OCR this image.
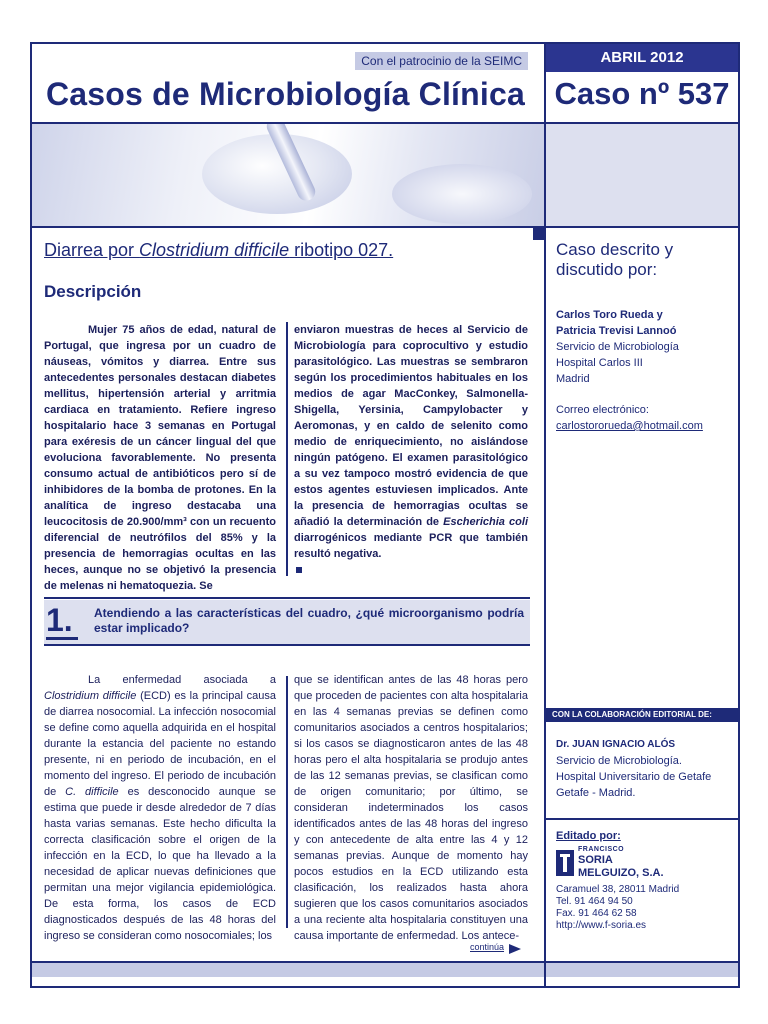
Con el patrocinio de la SEIMC
Casos de Microbiología Clínica
ABRIL 2012
Caso nº 537
Caso descrito y discutido por:
Carlos Toro Rueda y
Patricia Trevisi Lannoó
Servicio de Microbiología
Hospital Carlos III
Madrid
Correo electrónico:
carlostororueda@hotmail.com
CON LA COLABORACIÓN EDITORIAL DE:
Dr. JUAN IGNACIO ALÓS
Servicio de Microbiología.
Hospital Universitario de Getafe
Getafe - Madrid.
Editado por:
FRANCISCO
SORIA
MELGUIZO, S.A.
Caramuel 38, 28011 Madrid
Tel. 91 464 94 50
Fax. 91 464 62 58
http://www.f-soria.es
Diarrea por Clostridium difficile ribotipo 027.
Descripción
Mujer 75 años de edad, natural de Portugal, que ingresa por un cuadro de náuseas, vómitos y diarrea. Entre sus antecedentes personales destacan diabetes mellitus, hipertensión arterial y arritmia cardiaca en tratamiento. Refiere ingreso hospitalario hace 3 semanas en Portugal para exéresis de un cáncer lingual del que evoluciona favorablemente. No presenta consumo actual de antibióticos pero sí de inhibidores de la bomba de protones. En la analítica de ingreso destacaba una leucocitosis de 20.900/mm³ con un recuento diferencial de neutrófilos del 85% y la presencia de hemorragias ocultas en las heces, aunque no se objetivó la presencia de melenas ni hematoquezia. Se
enviaron muestras de heces al Servicio de Microbiología para coprocultivo y estudio parasitológico. Las muestras se sembraron según los procedimientos habituales en los medios de agar MacConkey, Salmonella-Shigella, Yersinia, Campylobacter y Aeromonas, y en caldo de selenito como medio de enriquecimiento, no aislándose ningún patógeno. El examen parasitológico a su vez tampoco mostró evidencia de que estos agentes estuviesen implicados. Ante la presencia de hemorragias ocultas se añadió la determinación de Escherichia coli diarrogénicos mediante PCR que también resultó negativa.

1.	Atendiendo a las características del cuadro, ¿qué microorganismo podría estar implicado?
La enfermedad asociada a Clostridium difficile (ECD) es la principal causa de diarrea nosocomial. La infección nosocomial se define como aquella adquirida en el hospital durante la estancia del paciente no estando presente, ni en periodo de incubación, en el momento del ingreso. El periodo de incubación de C. difficile es desconocido aunque se estima que puede ir desde alrededor de 7 días hasta varias semanas. Este hecho dificulta la correcta clasificación sobre el origen de la infección en la ECD, lo que ha llevado a la necesidad de aplicar nuevas definiciones que permitan una mejor vigilancia epidemiológica. De esta forma, los casos de ECD diagnosticados después de las 48 horas del ingreso se consideran como nosocomiales; los
que se identifican antes de las 48 horas pero que proceden de pacientes con alta hospitalaria en las 4 semanas previas se definen como comunitarios asociados a centros hospitalarios; si los casos se diagnosticaron antes de las 48 horas pero el alta hospitalaria se produjo antes de las 12 semanas previas, se clasifican como de origen comunitario; por último, se consideran indeterminados los casos identificados antes de las 48 horas del ingreso y con antecedente de alta entre las 4 y 12 semanas previas. Aunque de momento hay pocos estudios en la ECD utilizando esta clasificación, los realizados hasta ahora sugieren que los casos comunitarios asociados a una reciente alta hospitalaria constituyen una causa importante de enfermedad. Los antece-
continúa
